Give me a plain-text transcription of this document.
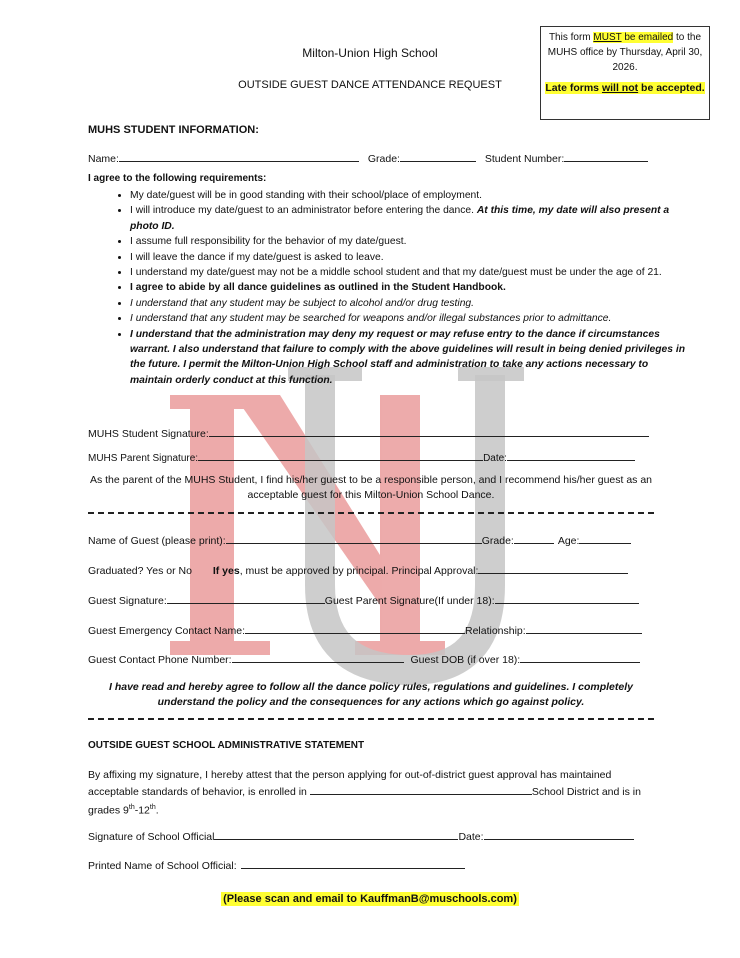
This form MUST be emailed to the MUHS office by Thursday, April 30, 2026.
Late forms will not be accepted.
Milton-Union High School
OUTSIDE GUEST DANCE ATTENDANCE REQUEST
MUHS STUDENT INFORMATION:
Name:	Grade:	Student Number:
I agree to the following requirements:
• My date/guest will be in good standing with their school/place of employment.
• I will introduce my date/guest to an administrator before entering the dance. At this time, my date will also present a photo ID.
• I assume full responsibility for the behavior of my date/guest.
• I will leave the dance if my date/guest is asked to leave.
• I understand my date/guest may not be a middle school student and that my date/guest must be under the age of 21.
• I agree to abide by all dance guidelines as outlined in the Student Handbook.
• I understand that any student may be subject to alcohol and/or drug testing.
• I understand that any student may be searched for weapons and/or illegal substances prior to admittance.
• I understand that the administration may deny my request or may refuse entry to the dance if circumstances warrant. I also understand that failure to comply with the above guidelines will result in being denied privileges in the future. I permit the Milton-Union High School staff and administration to take any actions necessary to maintain orderly conduct at this function.
MUHS Student Signature:
MUHS Parent Signature:	Date:
As the parent of the MUHS Student, I find his/her guest to be a responsible person, and I recommend his/her guest as an acceptable guest for this Milton-Union School Dance.
Name of Guest (please print):	Grade:	Age:
Graduated? Yes or No If yes, must be approved by principal. Principal Approval:
Guest Signature:	Guest Parent Signature(If under 18):
Guest Emergency Contact Name:	Relationship:
Guest Contact Phone Number:	Guest DOB (if over 18):
I have read and hereby agree to follow all the dance policy rules, regulations and guidelines. I completely understand the policy and the consequences for any actions which go against policy.
OUTSIDE GUEST SCHOOL ADMINISTRATIVE STATEMENT
By affixing my signature, I hereby attest that the person applying for out-of-district guest approval has maintained acceptable standards of behavior, is enrolled in	School District and is in grades 9th-12th.
Signature of School Official	Date:
Printed Name of School Official:
(Please scan and email to KauffmanB@muschools.com)
